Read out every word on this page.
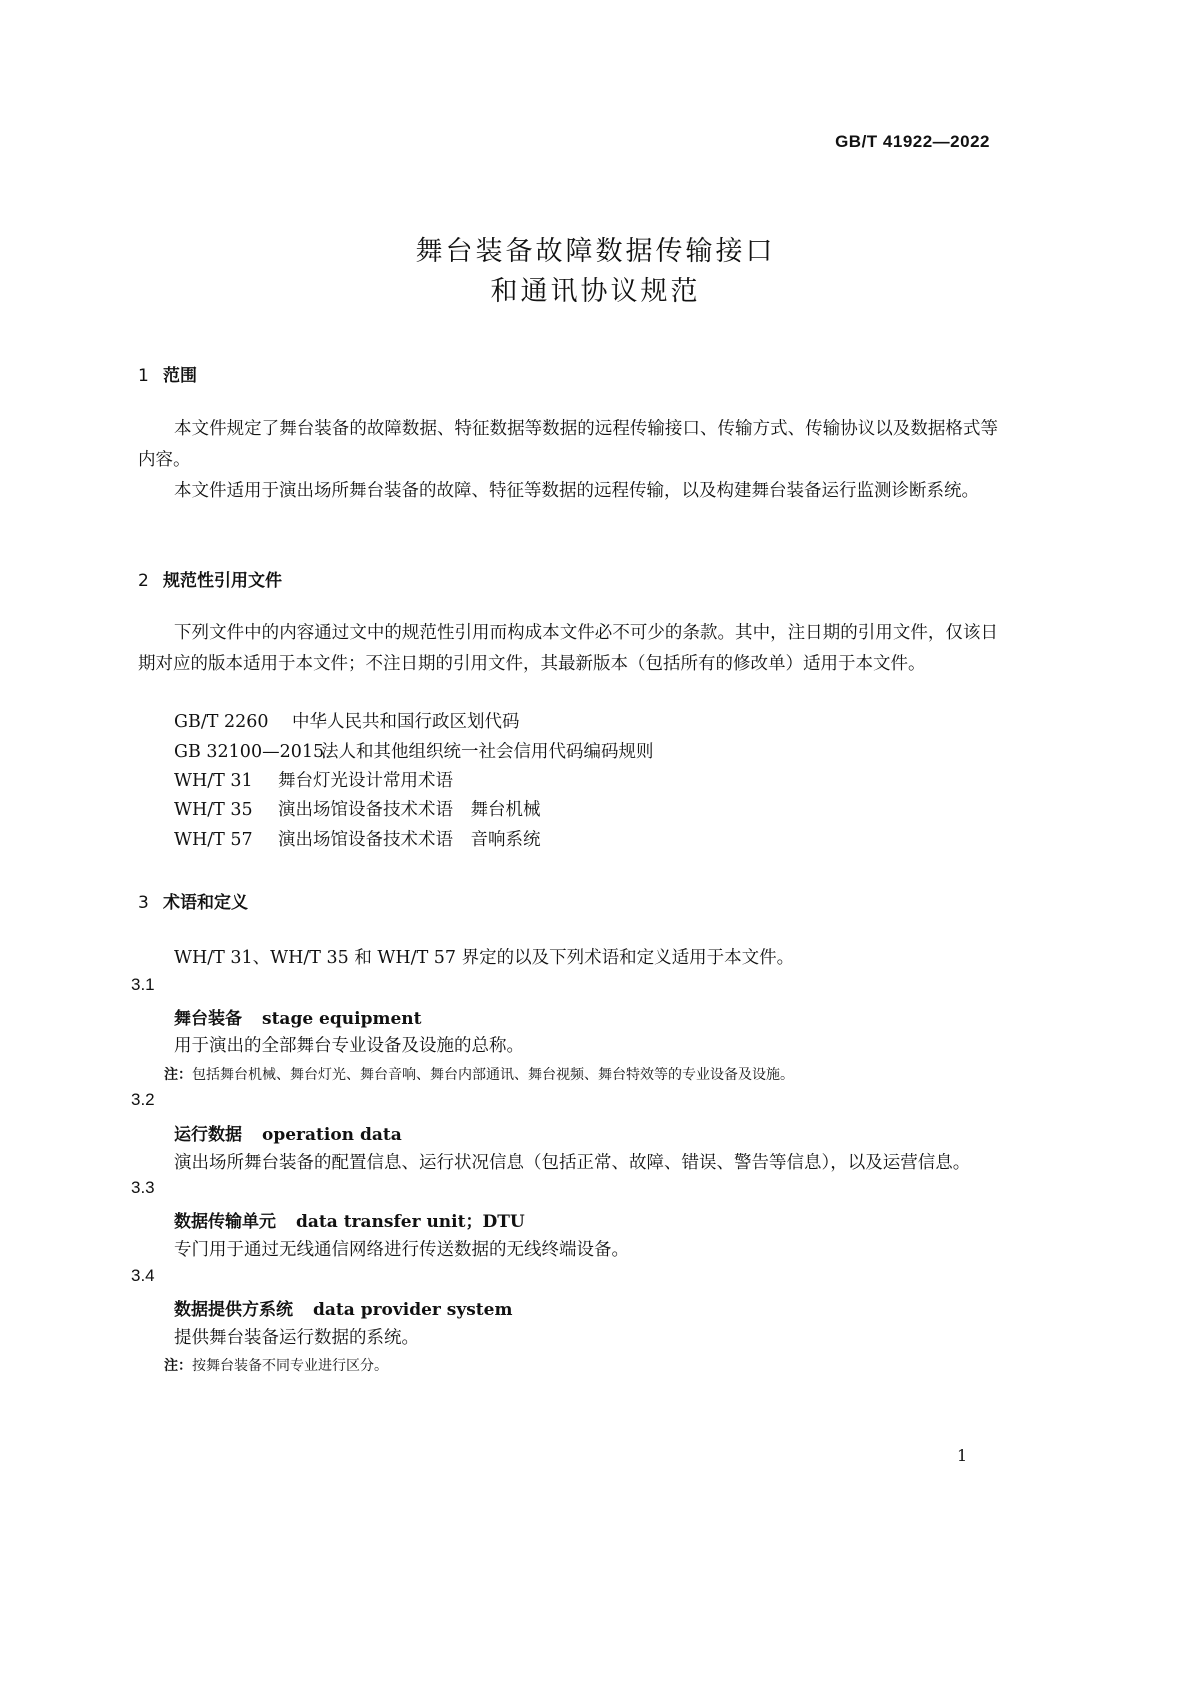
GB/T 41922—2022
舞台装备故障数据传输接口
和通讯协议规范
1 范围

本文件规定了舞台装备的故障数据、特征数据等数据的远程传输接口、传输方式、传输协议以及数据格式等内容。

本文件适用于演出场所舞台装备的故障、特征等数据的远程传输，以及构建舞台装备运行监测诊断系统。

2 规范性引用文件

下列文件中的内容通过文中的规范性引用而构成本文件必不可少的条款。其中，注日期的引用文件，仅该日期对应的版本适用于本文件；不注日期的引用文件，其最新版本（包括所有的修改单）适用于本文件。

GB/T 2260 中华人民共和国行政区划代码
GB 32100—2015法人和其他组织统一社会信用代码编码规则
WH/T 31 舞台灯光设计常用术语
WH/T 35 演出场馆设备技术术语　舞台机械
WH/T 57 演出场馆设备技术术语　音响系统
3 术语和定义
WH/T 31、WH/T 35 和 WH/T 57 界定的以及下列术语和定义适用于本文件。
3.1
舞台装备 stage equipment
用于演出的全部舞台专业设备及设施的总称。
注：包括舞台机械、舞台灯光、舞台音响、舞台内部通讯、舞台视频、舞台特效等的专业设备及设施。
3.2
运行数据 operation data
演出场所舞台装备的配置信息、运行状况信息（包括正常、故障、错误、警告等信息），以及运营信息。
3.3
数据传输单元 data transfer unit；DTU
专门用于通过无线通信网络进行传送数据的无线终端设备。
3.4
数据提供方系统 data provider system
提供舞台装备运行数据的系统。
注：按舞台装备不同专业进行区分。
1
